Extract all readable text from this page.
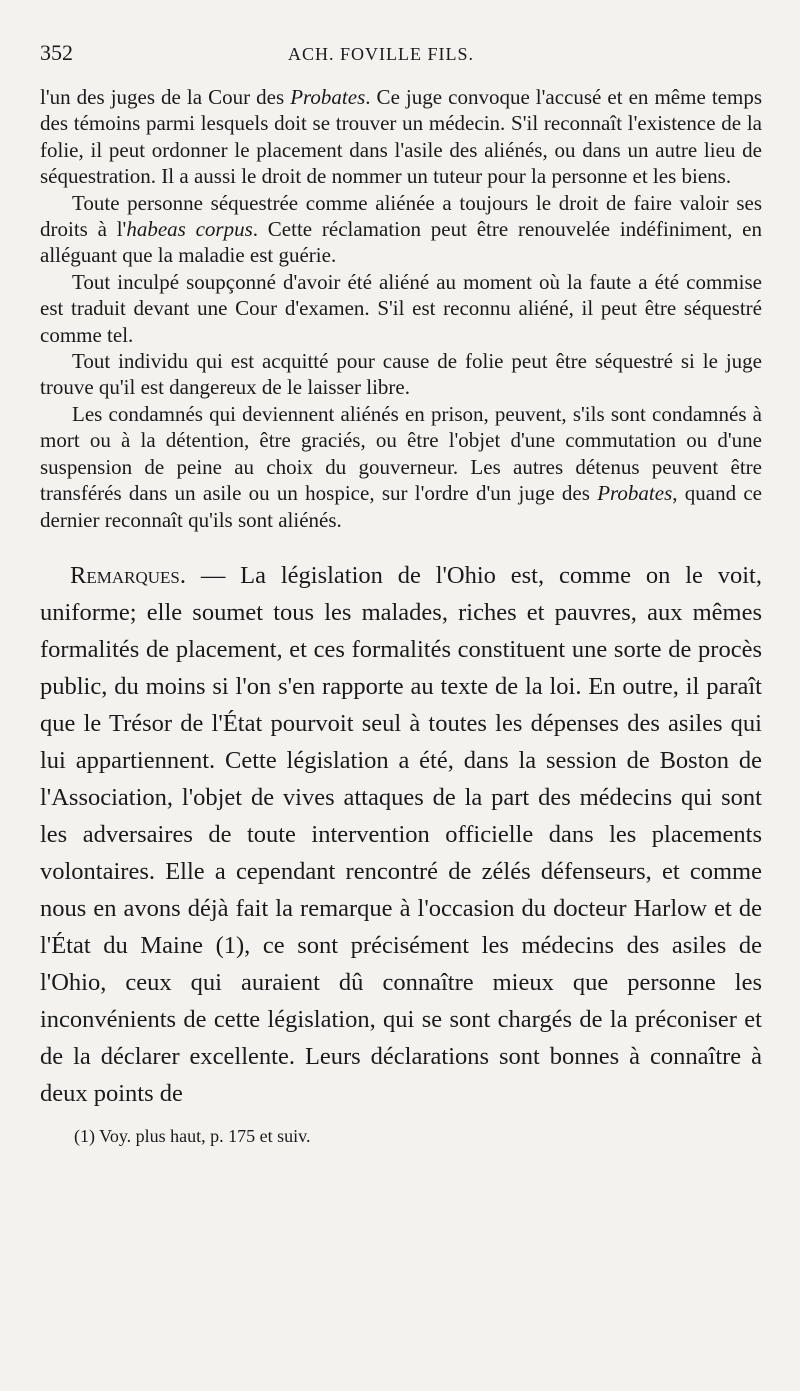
352	ACH. FOVILLE FILS.

l'un des juges de la Cour des Probates. Ce juge convoque l'accusé et en même temps des témoins parmi lesquels doit se trouver un médecin. S'il reconnaît l'existence de la folie, il peut ordonner le placement dans l'asile des aliénés, ou dans un autre lieu de séquestration. Il a aussi le droit de nommer un tuteur pour la personne et les biens.

Toute personne séquestrée comme aliénée a toujours le droit de faire valoir ses droits à l'habeas corpus. Cette réclamation peut être renouvelée indéfiniment, en alléguant que la maladie est guérie.

Tout inculpé soupçonné d'avoir été aliéné au moment où la faute a été commise est traduit devant une Cour d'examen. S'il est reconnu aliéné, il peut être séquestré comme tel.

Tout individu qui est acquitté pour cause de folie peut être séquestré si le juge trouve qu'il est dangereux de le laisser libre.

Les condamnés qui deviennent aliénés en prison, peuvent, s'ils sont condamnés à mort ou à la détention, être graciés, ou être l'objet d'une commutation ou d'une suspension de peine au choix du gouverneur. Les autres détenus peuvent être transférés dans un asile ou un hospice, sur l'ordre d'un juge des Probates, quand ce dernier reconnaît qu'ils sont aliénés.

Remarques. — La législation de l'Ohio est, comme on le voit, uniforme; elle soumet tous les malades, riches et pauvres, aux mêmes formalités de placement, et ces formalités constituent une sorte de procès public, du moins si l'on s'en rapporte au texte de la loi. En outre, il paraît que le Trésor de l'État pourvoit seul à toutes les dépenses des asiles qui lui appartiennent. Cette législation a été, dans la session de Boston de l'Association, l'objet de vives attaques de la part des médecins qui sont les adversaires de toute intervention officielle dans les placements volontaires. Elle a cependant rencontré de zélés défenseurs, et comme nous en avons déjà fait la remarque à l'occasion du docteur Harlow et de l'État du Maine (1), ce sont précisément les médecins des asiles de l'Ohio, ceux qui auraient dû connaître mieux que personne les inconvénients de cette législation, qui se sont chargés de la préconiser et de la déclarer excellente. Leurs déclarations sont bonnes à connaître à deux points de

(1) Voy. plus haut, p. 175 et suiv.
